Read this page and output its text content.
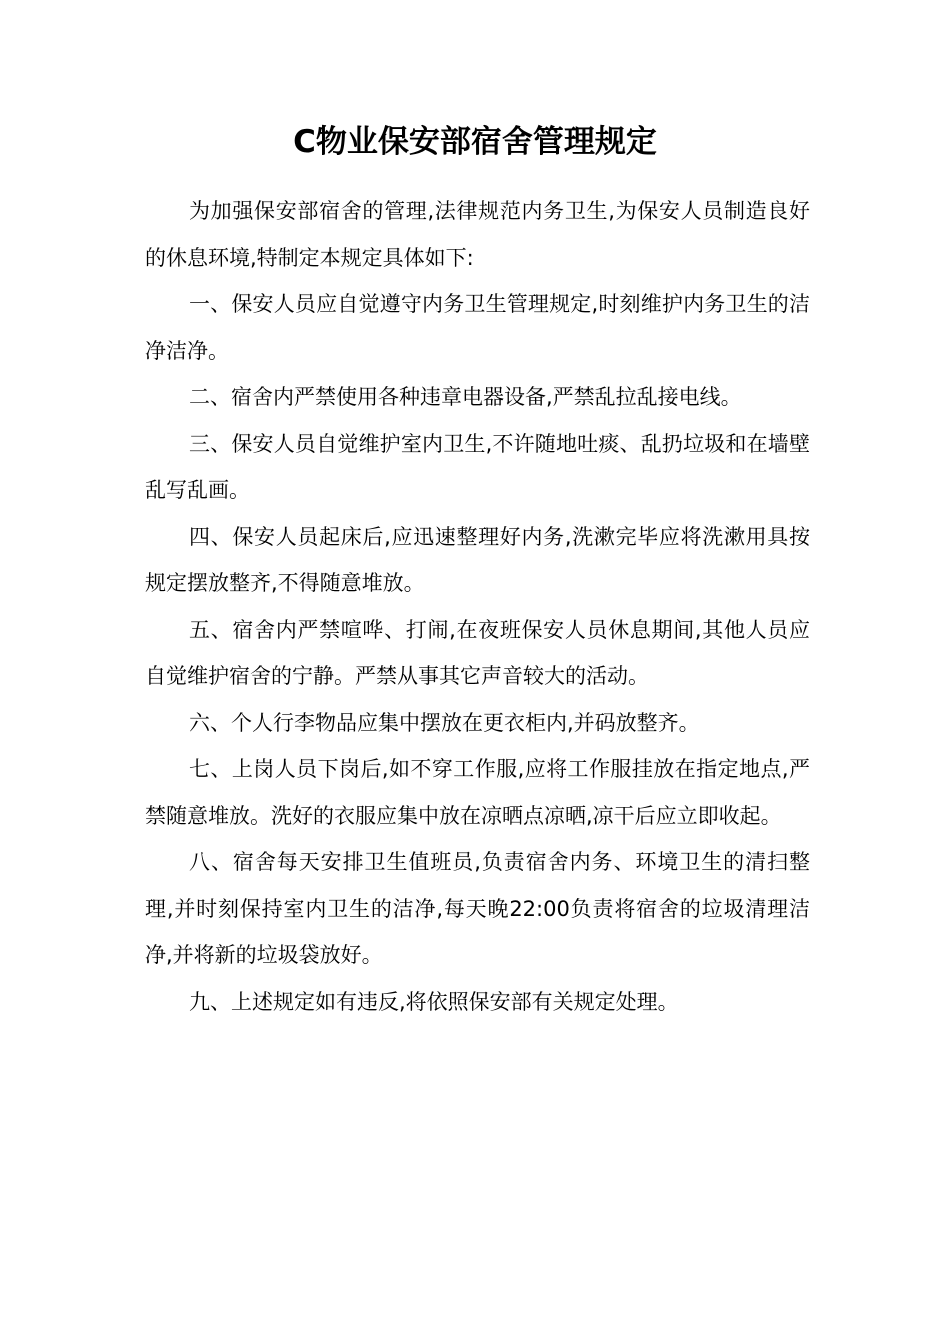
C物业保安部宿舍管理规定

为加强保安部宿舍的管理,法律规范内务卫生,为保安人员制造良好的休息环境,特制定本规定具体如下:

一、保安人员应自觉遵守内务卫生管理规定,时刻维护内务卫生的洁净洁净。

二、宿舍内严禁使用各种违章电器设备,严禁乱拉乱接电线。

三、保安人员自觉维护室内卫生,不许随地吐痰、乱扔垃圾和在墙壁乱写乱画。

四、保安人员起床后,应迅速整理好内务,洗漱完毕应将洗漱用具按规定摆放整齐,不得随意堆放。

五、宿舍内严禁喧哗、打闹,在夜班保安人员休息期间,其他人员应自觉维护宿舍的宁静。严禁从事其它声音较大的活动。

六、个人行李物品应集中摆放在更衣柜内,并码放整齐。

七、上岗人员下岗后,如不穿工作服,应将工作服挂放在指定地点,严禁随意堆放。洗好的衣服应集中放在凉晒点凉晒,凉干后应立即收起。

八、宿舍每天安排卫生值班员,负责宿舍内务、环境卫生的清扫整理,并时刻保持室内卫生的洁净,每天晚22:00负责将宿舍的垃圾清理洁净,并将新的垃圾袋放好。

九、上述规定如有违反,将依照保安部有关规定处理。
